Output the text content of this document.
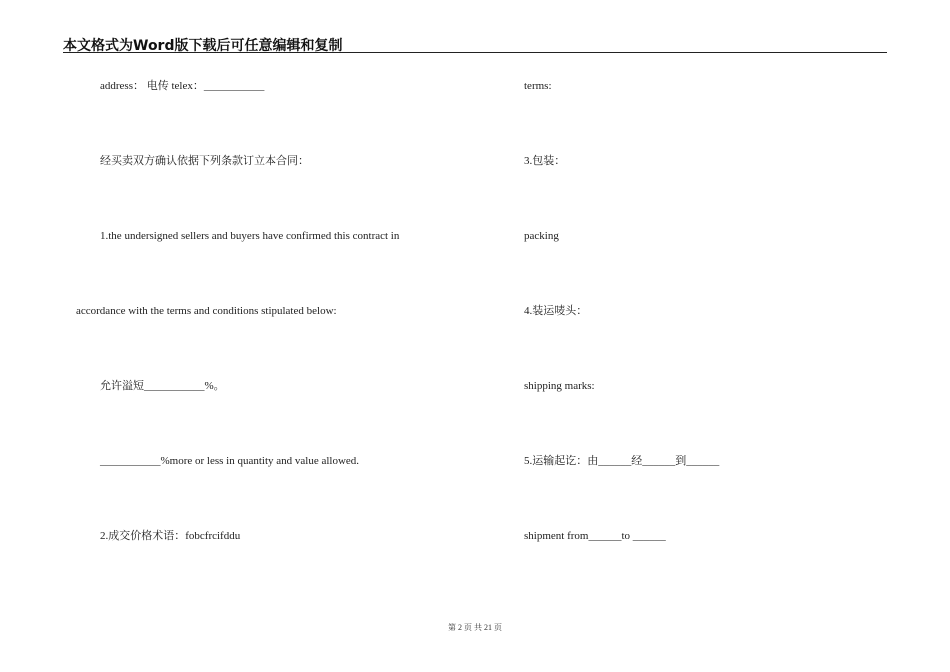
本文格式为Word版下载后可任意编辑和复制
address： 电传 telex：___________
经买卖双方确认依据下列条款订立本合同：
1.the undersigned sellers and buyers have confirmed this contract in
accordance with the terms and conditions stipulated below:
允许溢短___________%。
___________%more or less in quantity and value allowed.
2.成交价格术语：fobcfrcifddu
terms:
3.包装：
packing
4.装运唛头：
shipping marks:
5.运输起讫：由______经______到______
shipment from______to ______
第 2 页 共 21 页
